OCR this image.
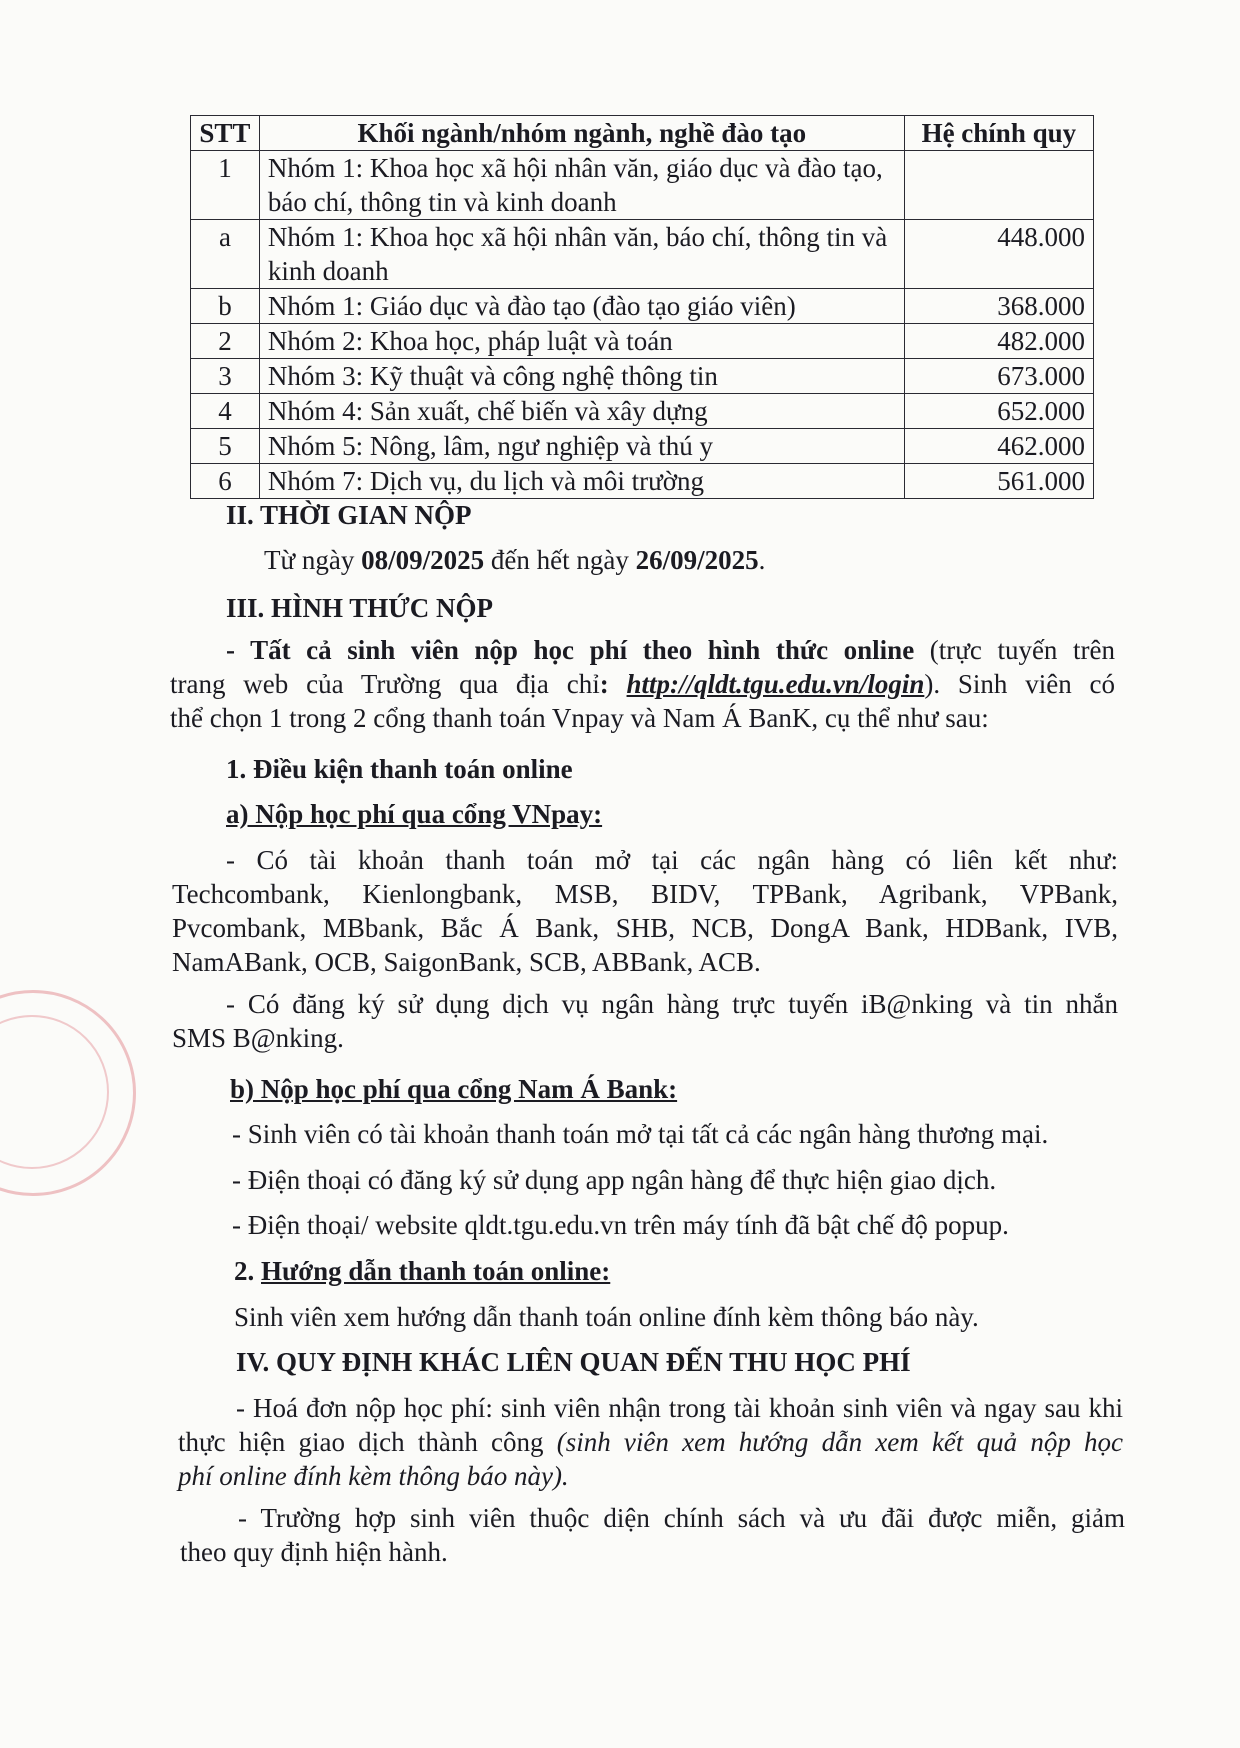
STT	Khối ngành/nhóm ngành, nghề đào tạo	Hệ chính quy
1	Nhóm 1: Khoa học xã hội nhân văn, giáo dục và đào tạo, báo chí, thông tin và kinh doanh	
a	Nhóm 1: Khoa học xã hội nhân văn, báo chí, thông tin và kinh doanh	448.000
b	Nhóm 1: Giáo dục và đào tạo (đào tạo giáo viên)	368.000
2	Nhóm 2: Khoa học, pháp luật và toán	482.000
3	Nhóm 3: Kỹ thuật và công nghệ thông tin	673.000
4	Nhóm 4: Sản xuất, chế biến và xây dựng	652.000
5	Nhóm 5: Nông, lâm, ngư nghiệp và thú y	462.000
6	Nhóm 7: Dịch vụ, du lịch và môi trường	561.000
II. THỜI GIAN NỘP
Từ ngày 08/09/2025 đến hết ngày 26/09/2025.
III. HÌNH THỨC NỘP
- Tất cả sinh viên nộp học phí theo hình thức online (trực tuyến trên
trang web của Trường qua địa chỉ: http://qldt.tgu.edu.vn/login). Sinh viên có
thể chọn 1 trong 2 cổng thanh toán Vnpay và Nam Á BanK, cụ thể như sau:
1. Điều kiện thanh toán online
a) Nộp học phí qua cổng VNpay:
- Có tài khoản thanh toán mở tại các ngân hàng có liên kết như:
Techcombank, Kienlongbank, MSB, BIDV, TPBank, Agribank, VPBank,
Pvcombank, MBbank, Bắc Á Bank, SHB, NCB, DongA Bank, HDBank, IVB,
NamABank, OCB, SaigonBank, SCB, ABBank, ACB.
- Có đăng ký sử dụng dịch vụ ngân hàng trực tuyến iB@nking và tin nhắn
SMS B@nking.
b) Nộp học phí qua cổng Nam Á Bank:
- Sinh viên có tài khoản thanh toán mở tại tất cả các ngân hàng thương mại.
- Điện thoại có đăng ký sử dụng app ngân hàng để thực hiện giao dịch.
- Điện thoại/ website qldt.tgu.edu.vn trên máy tính đã bật chế độ popup.
2. Hướng dẫn thanh toán online:
Sinh viên xem hướng dẫn thanh toán online đính kèm thông báo này.
IV. QUY ĐỊNH KHÁC LIÊN QUAN ĐẾN THU HỌC PHÍ
- Hoá đơn nộp học phí: sinh viên nhận trong tài khoản sinh viên và ngay sau khi
thực hiện giao dịch thành công (sinh viên xem hướng dẫn xem kết quả nộp học
phí online đính kèm thông báo này).
- Trường hợp sinh viên thuộc diện chính sách và ưu đãi được miễn, giảm
theo quy định hiện hành.
